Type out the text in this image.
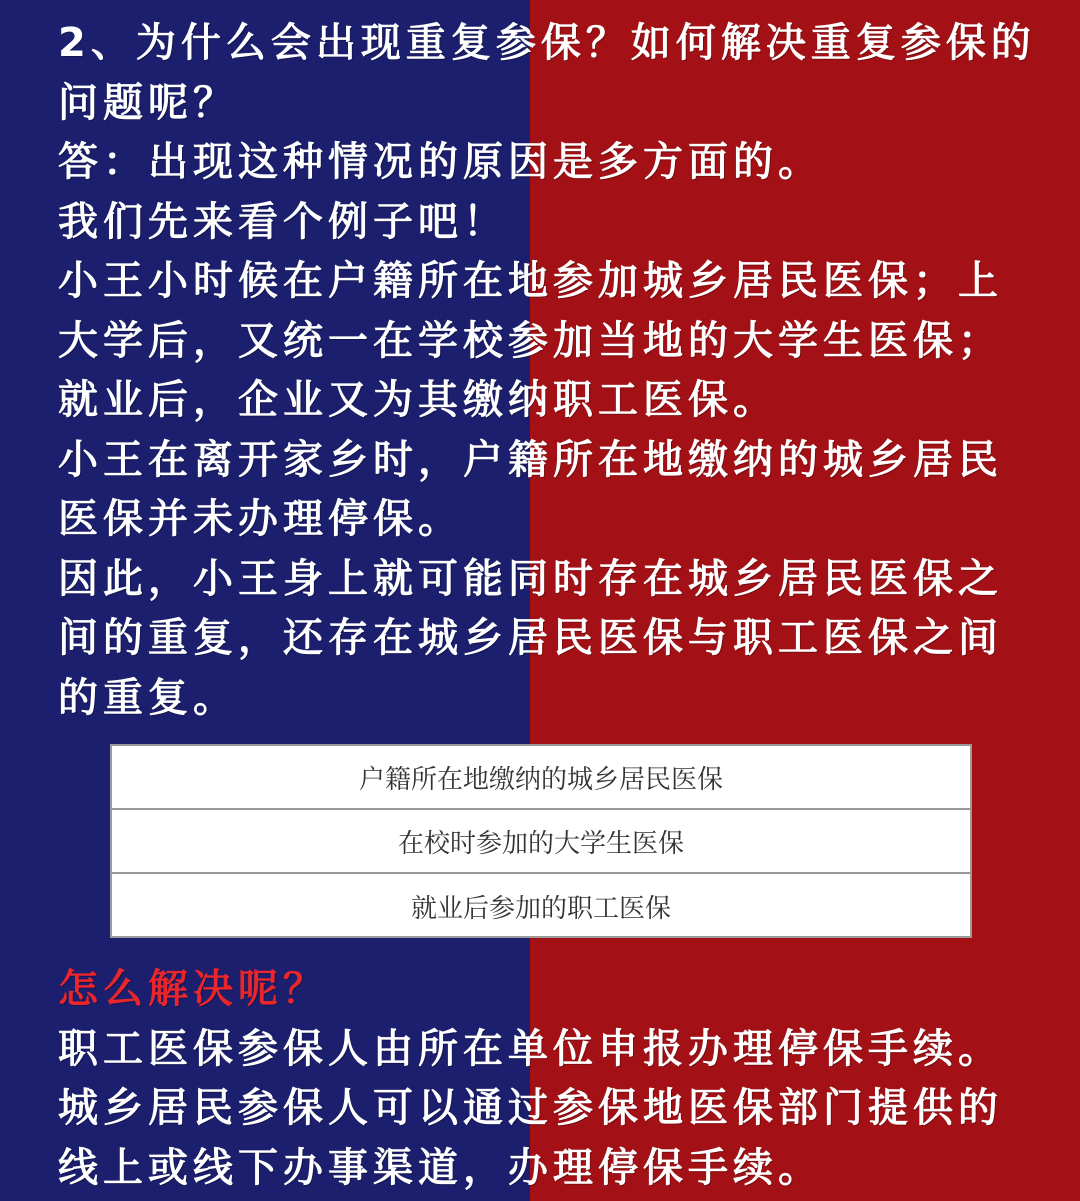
2、为什么会出现重复参保？如何解决重复参保的
问题呢？
答：出现这种情况的原因是多方面的。
我们先来看个例子吧！
小王小时候在户籍所在地参加城乡居民医保；上
大学后，又统一在学校参加当地的大学生医保；
就业后，企业又为其缴纳职工医保。
小王在离开家乡时，户籍所在地缴纳的城乡居民
医保并未办理停保。
因此，小王身上就可能同时存在城乡居民医保之
间的重复，还存在城乡居民医保与职工医保之间
的重复。
户籍所在地缴纳的城乡居民医保
在校时参加的大学生医保
就业后参加的职工医保
怎么解决呢？
职工医保参保人由所在单位申报办理停保手续。
城乡居民参保人可以通过参保地医保部门提供的
线上或线下办事渠道，办理停保手续。
